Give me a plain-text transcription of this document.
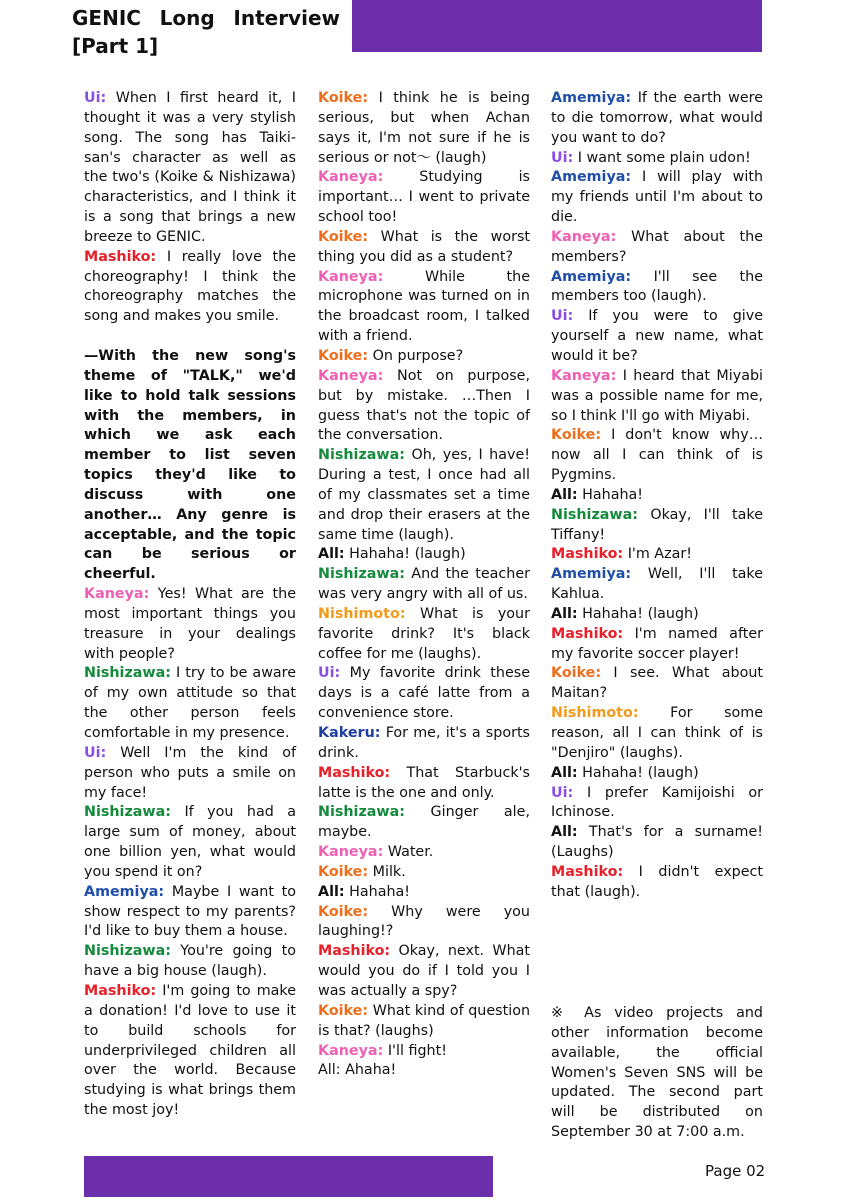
GENIC Long Interview
[Part 1]

Ui: When I first heard it, I thought it was a very stylish song. The song has Taiki-san's character as well as the two's (Koike & Nishizawa) characteristics, and I think it is a song that brings a new breeze to GENIC.

Mashiko: I really love the choreography! I think the choreography matches the song and makes you smile.

—With the new song's theme of "TALK," we'd like to hold talk sessions with the members, in which we ask each member to list seven topics they'd like to discuss with one another… Any genre is acceptable, and the topic can be serious or cheerful.

Kaneya: Yes! What are the most important things you treasure in your dealings with people?

Nishizawa: I try to be aware of my own attitude so that the other person feels comfortable in my presence.

Ui: Well I'm the kind of person who puts a smile on my face!

Nishizawa: If you had a large sum of money, about one billion yen, what would you spend it on?

Amemiya: Maybe I want to show respect to my parents? I'd like to buy them a house.

Nishizawa: You're going to have a big house (laugh).

Mashiko: I'm going to make a donation! I'd love to use it to build schools for underprivileged children all over the world. Because studying is what brings them the most joy!

Koike: I think he is being serious, but when Achan says it, I'm not sure if he is serious or not～ (laugh)

Kaneya:	Studying is important… I went to private school too!

Koike: What is the worst thing you did as a student?

Kaneya:	While the microphone was turned on in the broadcast room, I talked with a friend.

Koike: On purpose?

Kaneya: Not on purpose, but by mistake. …Then I guess that's not the topic of the conversation.

Nishizawa: Oh, yes, I have! During a test, I once had all of my classmates set a time and drop their erasers at the same time (laugh).

All: Hahaha! (laugh)

Nishizawa: And the teacher was very angry with all of us.

Nishimoto: What is your favorite drink? It's black coffee for me (laughs).

Ui: My favorite drink these days is a café latte from a convenience store.

Kakeru: For me, it's a sports drink.

Mashiko: That Starbuck's latte is the one and only.

Nishizawa: Ginger ale, maybe.

Kaneya: Water.

Koike: Milk.

All: Hahaha!

Koike: Why were you laughing!?

Mashiko: Okay, next. What would you do if I told you I was actually a spy?

Koike: What kind of question is that? (laughs)

Kaneya: I'll fight!

All: Ahaha!

Amemiya: If the earth were to die tomorrow, what would you want to do?

Ui: I want some plain udon!

Amemiya: I will play with my friends until I'm about to die.

Kaneya: What about the members?

Amemiya: I'll see the members too (laugh).

Ui: If you were to give yourself a new name, what would it be?

Kaneya: I heard that Miyabi was a possible name for me, so I think I'll go with Miyabi.

Koike: I don't know why… now all I can think of is Pygmins.

All: Hahaha!

Nishizawa: Okay, I'll take Tiffany!

Mashiko: I'm Azar!

Amemiya: Well, I'll take Kahlua.

All: Hahaha! (laugh)

Mashiko: I'm named after my favorite soccer player!

Koike: I see. What about Maitan?

Nishimoto: For some reason, all I can think of is "Denjiro" (laughs).

All: Hahaha! (laugh)

Ui: I prefer Kamijoishi or Ichinose.

All: That's for a surname! (Laughs)

Mashiko: I didn't expect that (laugh).

※ As video projects and other information become available, the official Women's Seven SNS will be updated. The second part will be distributed on September 30 at 7:00 a.m.
Page 02
